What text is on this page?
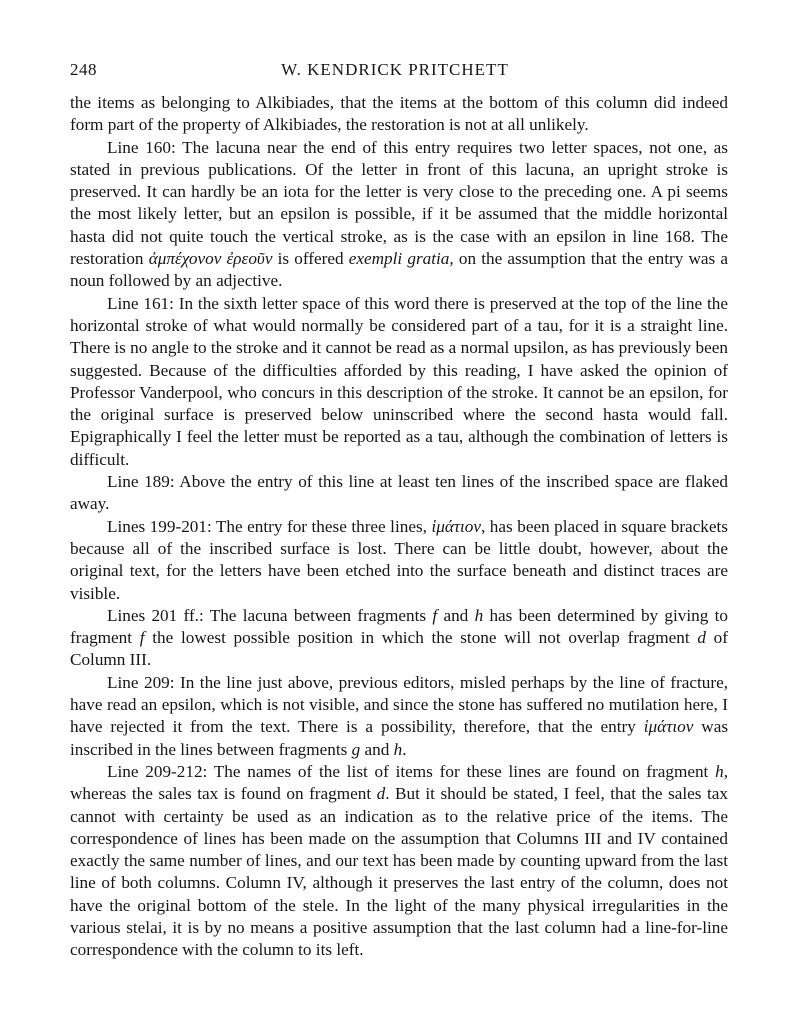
248	W. KENDRICK PRITCHETT

the items as belonging to Alkibiades, that the items at the bottom of this column did indeed form part of the property of Alkibiades, the restoration is not at all unlikely.

Line 160: The lacuna near the end of this entry requires two letter spaces, not one, as stated in previous publications. Of the letter in front of this lacuna, an upright stroke is preserved. It can hardly be an iota for the letter is very close to the preceding one. A pi seems the most likely letter, but an epsilon is possible, if it be assumed that the middle horizontal hasta did not quite touch the vertical stroke, as is the case with an epsilon in line 168. The restoration ἀμπέχονον ἐρεοῦν is offered exempli gratia, on the assumption that the entry was a noun followed by an adjective.

Line 161: In the sixth letter space of this word there is preserved at the top of the line the horizontal stroke of what would normally be considered part of a tau, for it is a straight line. There is no angle to the stroke and it cannot be read as a normal upsilon, as has previously been suggested. Because of the difficulties afforded by this reading, I have asked the opinion of Professor Vanderpool, who concurs in this description of the stroke. It cannot be an epsilon, for the original surface is preserved below uninscribed where the second hasta would fall. Epigraphically I feel the letter must be reported as a tau, although the combination of letters is difficult.

Line 189: Above the entry of this line at least ten lines of the inscribed space are flaked away.

Lines 199-201: The entry for these three lines, ἱμάτιον, has been placed in square brackets because all of the inscribed surface is lost. There can be little doubt, however, about the original text, for the letters have been etched into the surface beneath and distinct traces are visible.

Lines 201 ff.: The lacuna between fragments f and h has been determined by giving to fragment f the lowest possible position in which the stone will not overlap fragment d of Column III.

Line 209: In the line just above, previous editors, misled perhaps by the line of fracture, have read an epsilon, which is not visible, and since the stone has suffered no mutilation here, I have rejected it from the text. There is a possibility, therefore, that the entry ἱμάτιον was inscribed in the lines between fragments g and h.

Line 209-212: The names of the list of items for these lines are found on fragment h, whereas the sales tax is found on fragment d. But it should be stated, I feel, that the sales tax cannot with certainty be used as an indication as to the relative price of the items. The correspondence of lines has been made on the assumption that Columns III and IV contained exactly the same number of lines, and our text has been made by counting upward from the last line of both columns. Column IV, although it preserves the last entry of the column, does not have the original bottom of the stele. In the light of the many physical irregularities in the various stelai, it is by no means a positive assumption that the last column had a line-for-line correspondence with the column to its left.
